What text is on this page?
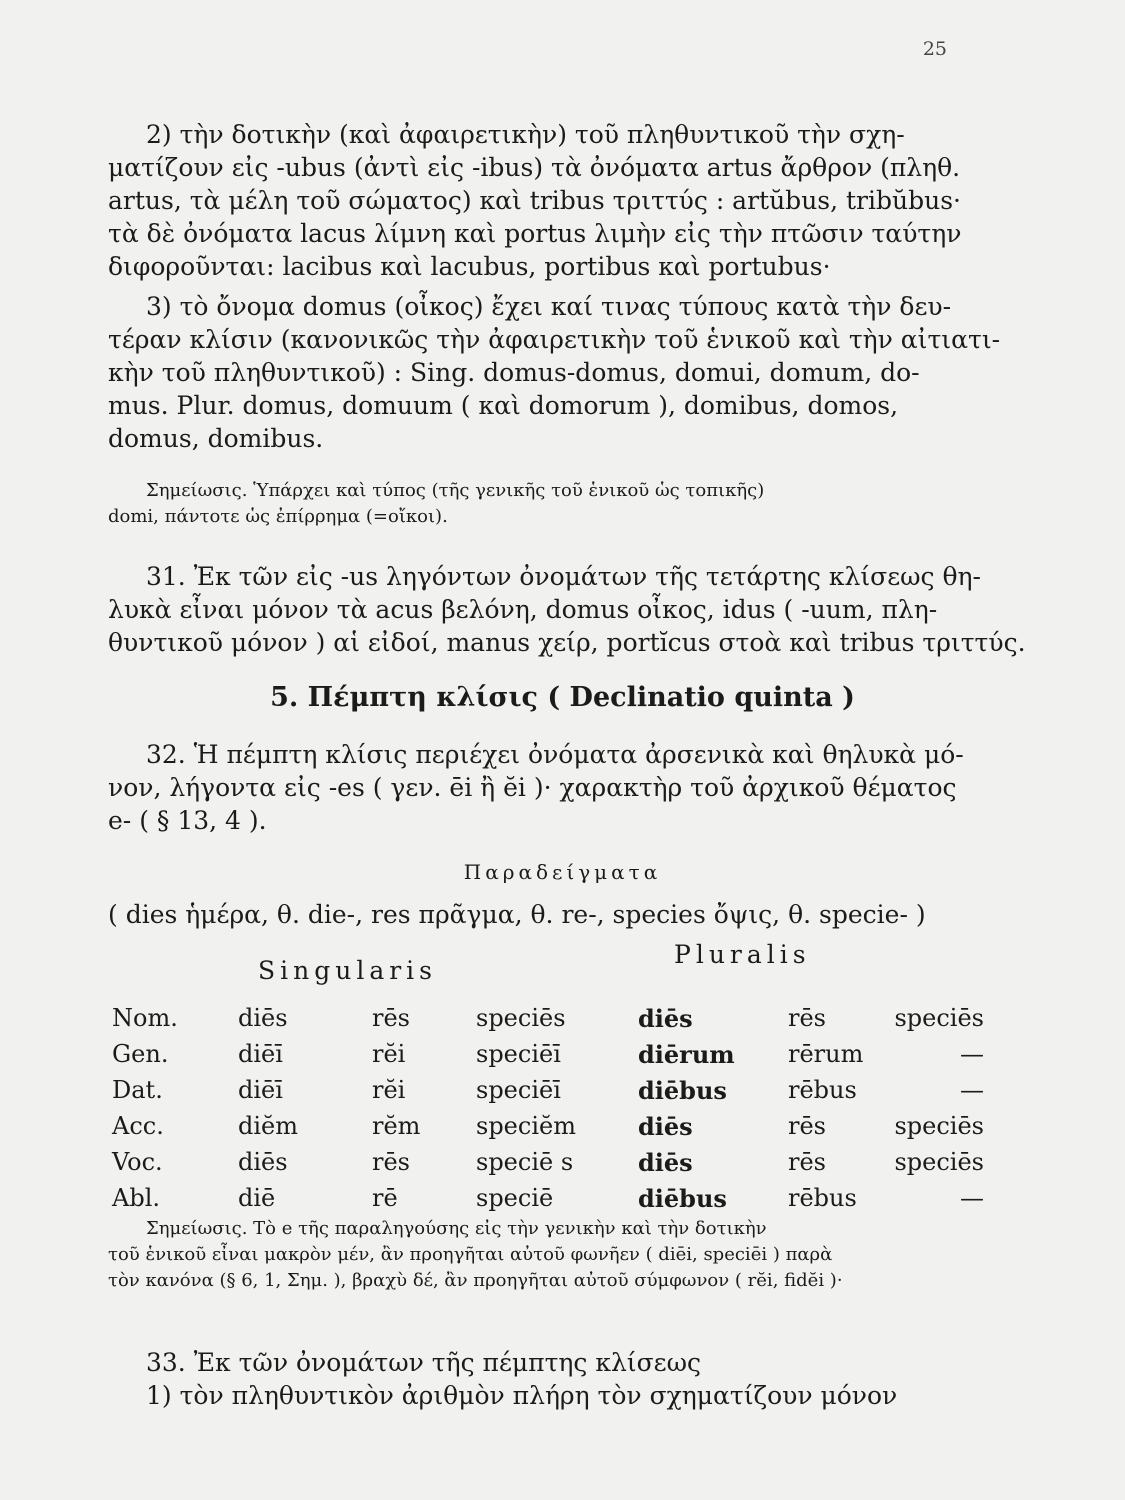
25
2) τὴν δοτικὴν (καὶ ἀφαιρετικὴν) τοῦ πληθυντικοῦ τὴν σχη-
ματίζουν εἰς -ubus (ἀντὶ εἰς -ibus) τὰ ὀνόματα artus ἄρθρον (πληθ.
artus, τὰ μέλη τοῦ σώματος) καὶ tribus τριττύς : artŭbus, tribŭbus·
τὰ δὲ ὀνόματα lacus λίμνη καὶ portus λιμὴν εἰς τὴν πτῶσιν ταύτην
διφοροῦνται: lacibus καὶ lacubus, portibus καὶ portubus·
3) τὸ ὄνομα domus (οἶκος) ἔχει καί τινας τύπους κατὰ τὴν δευ-
τέραν κλίσιν (κανονικῶς τὴν ἀφαιρετικὴν τοῦ ἑνικοῦ καὶ τὴν αἰτιατι-
κὴν τοῦ πληθυντικοῦ) : Sing. domus-domus, domui, domum, do-
mus. Plur. domus, domuum ( καὶ domorum ), domibus, domos,
domus, domibus.
Σημείωσις. Ὑπάρχει καὶ τύπος (τῆς γενικῆς τοῦ ἑνικοῦ ὡς τοπικῆς)
domi, πάντοτε ὡς ἐπίρρημα (=οἴκοι).
31. Ἐκ τῶν εἰς -us ληγόντων ὀνομάτων τῆς τετάρτης κλίσεως θη-
λυκὰ εἶναι μόνον τὰ acus βελόνη, domus οἶκος, idus ( -uum, πλη-
θυντικοῦ μόνον ) αἱ εἰδοί, manus χείρ, portĭcus στοὰ καὶ tribus τριττύς.
5. Πέμπτη κλίσις ( Declinatio quinta )
32. Ἡ πέμπτη κλίσις περιέχει ὀνόματα ἀρσενικὰ καὶ θηλυκὰ μό-
νον, λήγοντα εἰς -es ( γεν. ēi ἢ ĕi )· χαρακτὴρ τοῦ ἀρχικοῦ θέματος
e- ( § 13, 4 ).
Παραδείγματα
( dies ἡμέρα, θ. die-, res πρᾶγμα, θ. re-, species ὄψις, θ. specie- )
Singularis
Pluralis
Nom.	diēs	rēs	speciēs	diēs	rēs	speciēs
Gen.	diēī	rĕi	speciēī	diērum	rērum	—
Dat.	diēī	rĕi	speciēī	diēbus	rēbus	—
Acc.	diĕm	rĕm	speciĕm	diēs	rēs	speciēs
Voc.	diēs	rēs	speciē s	diēs	rēs	speciēs
Abl.	diē	rē	speciē	diēbus	rēbus	—
Σημείωσις. Τὸ e τῆς παραληγούσης εἰς τὴν γενικὴν καὶ τὴν δοτικὴν
τοῦ ἑνικοῦ εἶναι μακρὸν μέν, ἂν προηγῆται αὐτοῦ φωνῆεν ( diēi, speciēi ) παρὰ
τὸν κανόνα (§ 6, 1, Σημ. ), βραχὺ δέ, ἂν προηγῆται αὐτοῦ σύμφωνον ( rĕi, fidĕi )·
33. Ἐκ τῶν ὀνομάτων τῆς πέμπτης κλίσεως
1) τὸν πληθυντικὸν ἀριθμὸν πλήρη τὸν σχηματίζουν μόνον
